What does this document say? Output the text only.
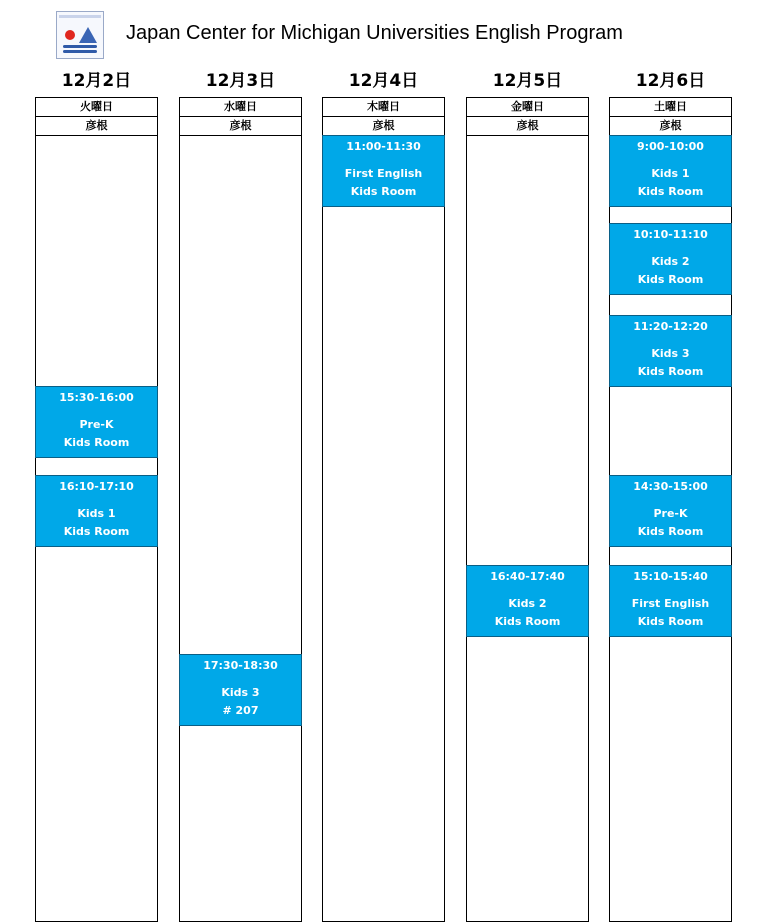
Japan Center for Michigan Universities English Program
12月2日
火曜日
彦根
15:30-16:00
Pre-K
Kids Room
16:10-17:10
Kids 1
Kids Room
12月3日
水曜日
彦根
17:30-18:30
Kids 3
# 207
12月4日
木曜日
彦根
11:00-11:30
First English
Kids Room
12月5日
金曜日
彦根
16:40-17:40
Kids 2
Kids Room
12月6日
土曜日
彦根
9:00-10:00
Kids 1
Kids Room
10:10-11:10
Kids 2
Kids Room
11:20-12:20
Kids 3
Kids Room
14:30-15:00
Pre-K
Kids Room
15:10-15:40
First English
Kids Room
